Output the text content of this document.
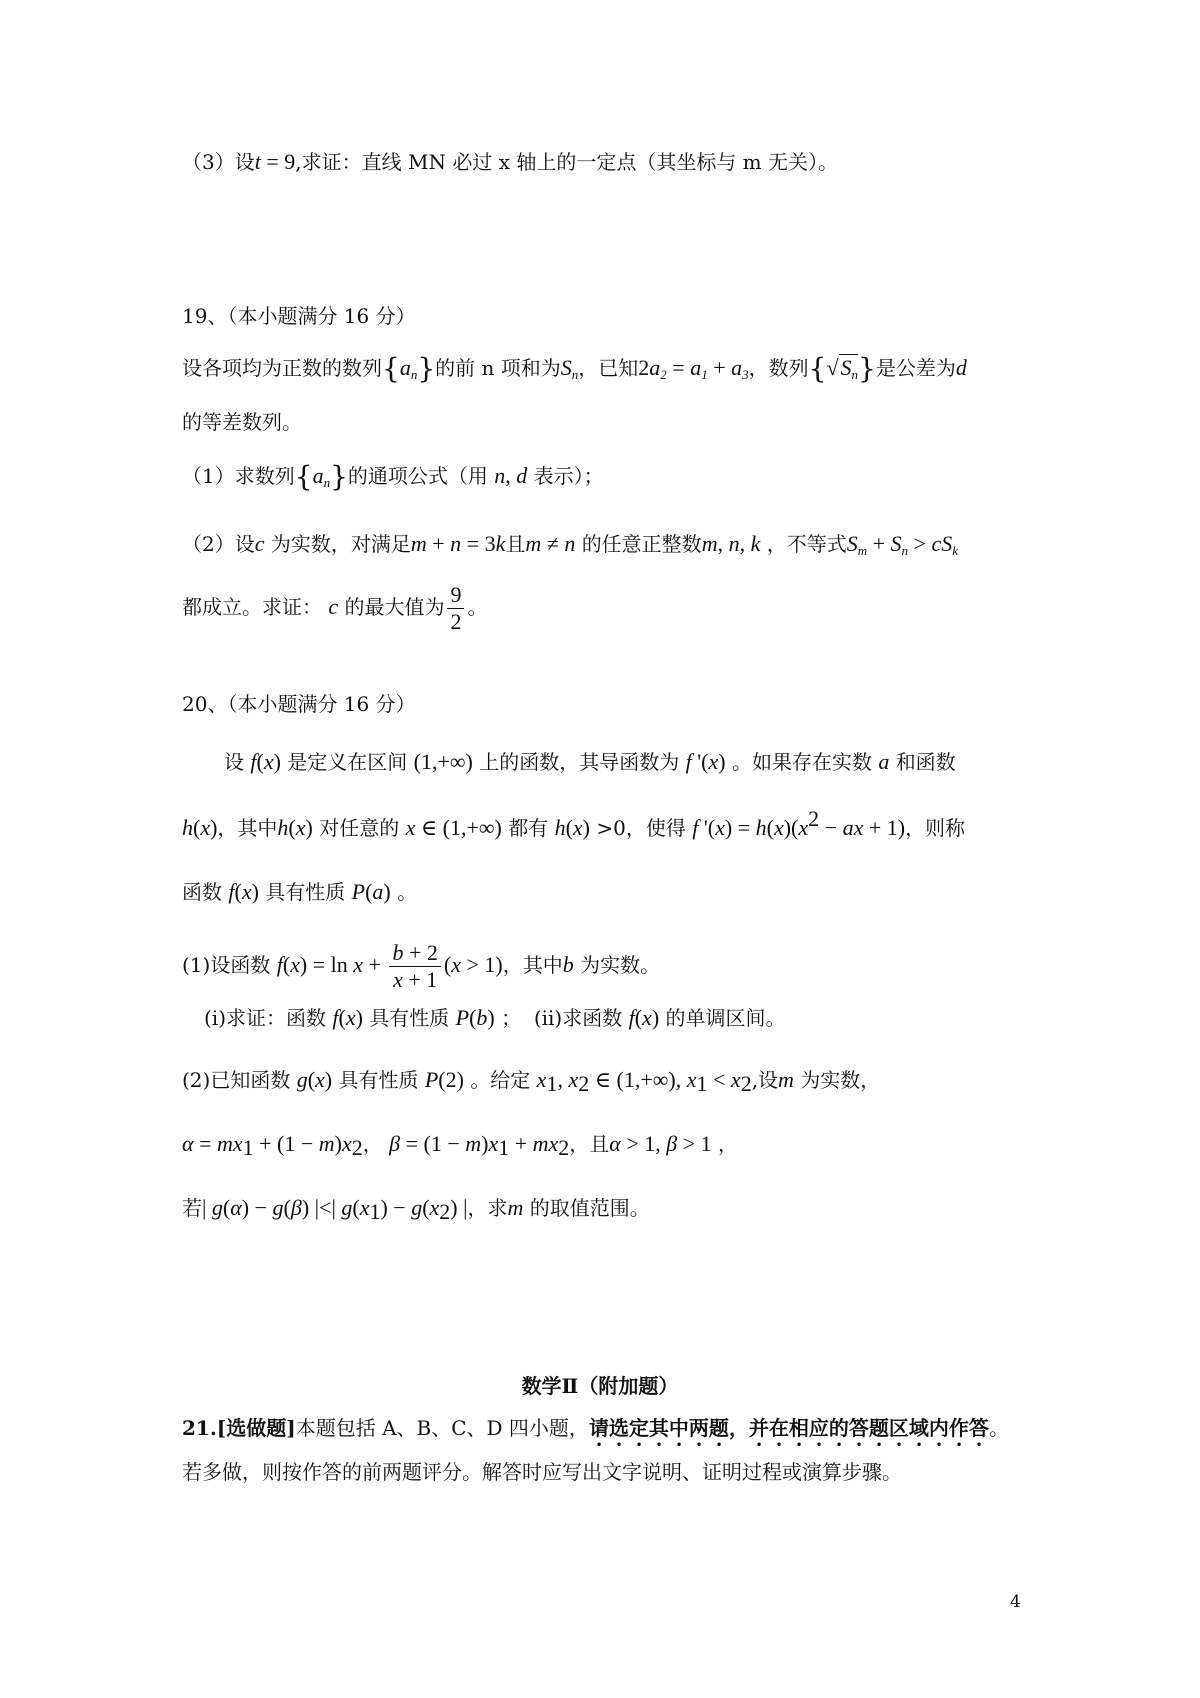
（3）设t = 9,求证：直线 MN 必过 x 轴上的一定点（其坐标与 m 无关）。
19、（本小题满分 16 分）
设各项均为正数的数列$\{a_n\}$的前 n 项和为$S_n$，已知$2a_2 = a_1 + a_3$，数列$\{√S_n\}$是公差为d
的等差数列。
（1）求数列$\{a_n\}$的通项公式（用 n, d 表示）；
（2）设c 为实数，对满足m + n = 3k且m ≠ n 的任意正整数m, n, k ，不等式$S_m + S_n > cS_k$
都成立。求证： c 的最大值为 $\frac{9}{2}$ 。
20、（本小题满分 16 分）
设 f(x) 是定义在区间 (1,+∞) 上的函数，其导函数为 f '(x) 。如果存在实数 a 和函数
h(x)，其中h(x) 对任意的 x ∈ (1,+∞) 都有 h(x) >0，使得 f '$(x) = h(x)(x^2$ − ax + 1)，则称
函数 f(x) 具有性质 P(a) 。
(1)设函数 $f(x) = \ln x + \frac{b + 2}{x + 1} (x > 1)$，其中b 为实数。
(i)求证：函数 f(x) 具有性质 P(b) ； (ii)求函数 f(x) 的单调区间。
(2)已知函数 g(x) 具有性质 P(2) 。给定 $x_1$, $x_2$ ∈ (1,+∞), $x_1 < x_2$,设m 为实数，
$\alpha = mx_1 + (1 - m)x_2$， $\beta = (1 - m)x_1 + mx_2$，且α > 1, β > 1 ，
若| g(α) − g(β) |<| $g(x_1) - g(x_2)$ |，求m 的取值范围。
数学Ⅱ（附加题）
21.[选做题]本题包括 A、B、C、D 四小题，请选定其中两题，并在相应的答题区域内作答。
若多做，则按作答的前两题评分。解答时应写出文字说明、证明过程或演算步骤。
4
